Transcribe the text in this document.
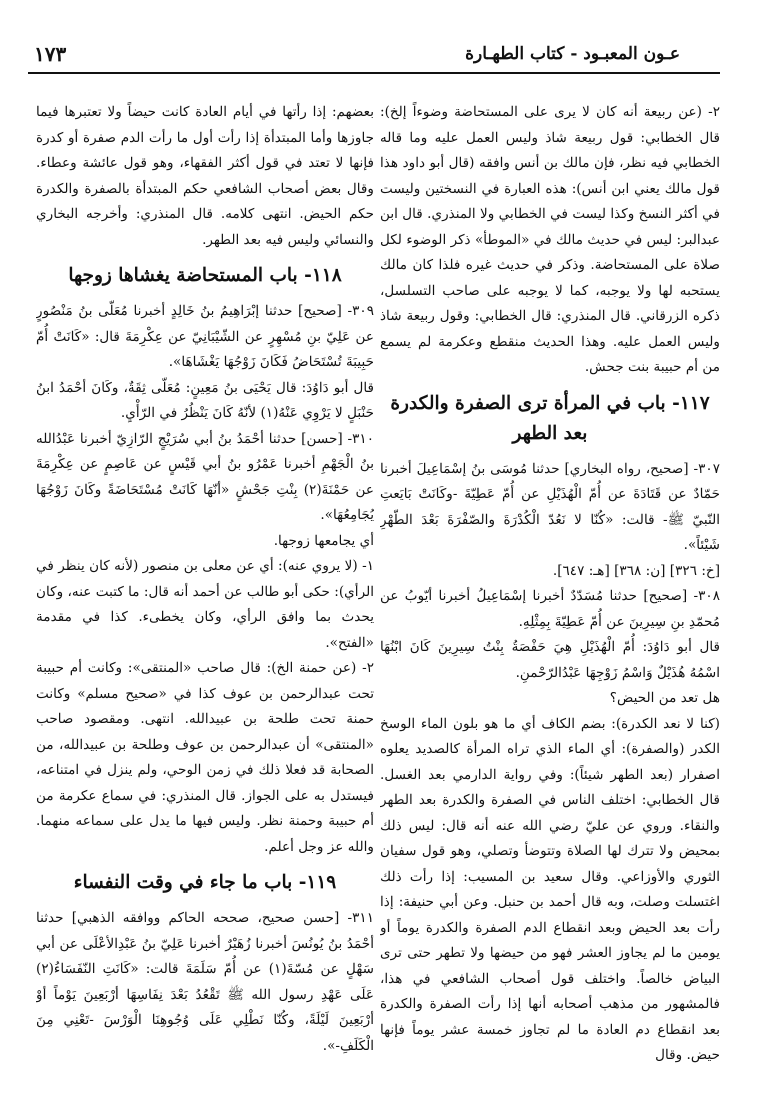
عـون المعبـود - كتاب الطهـارة
١٧٣

٢- (عن ربيعة أنه كان لا يرى على المستحاضة وضوءاً إلخ): قال الخطابي: قول ربيعة شاذ وليس العمل عليه وما قاله الخطابي فيه نظر، فإن مالك بن أنس وافقه (قال أبو داود هذا قول مالك يعني ابن أنس): هذه العبارة في النسختين وليست في أكثر النسخ وكذا ليست في الخطابي ولا المنذري. قال ابن عبدالبر: ليس في حديث مالك في «الموطأ» ذكر الوضوء لكل صلاة على المستحاضة. وذكر في حديث غيره فلذا كان مالك يستحبه لها ولا يوجبه، كما لا يوجبه على صاحب التسلسل، ذكره الزرقاني. قال المنذري: قال الخطابي: وقول ربيعة شاذ وليس العمل عليه. وهذا الحديث منقطع وعكرمة لم يسمع من أم حبيبة بنت جحش.

١١٧- باب في المرأة ترى الصفرة والكدرة بعد الطهر

٣٠٧- [صحيح، رواه البخاري] حدثنا مُوسَى بنُ إسْمَاعِيلَ أخبرنا حَمّادٌ عن قَتَادَةَ عن أُمّ الْهُذَيْلِ عن أُمّ عَطِيّةَ -وكَانَتْ بَايَعتِ النّبيّ ﷺ- قالت: «كُنّا لا نَعُدّ الْكُدْرَةَ والصّفْرَةَ بَعْدَ الطّهْرِ شَيْئاً».

[خ: ٣٢٦] [ن: ٣٦٨] [هـ: ٦٤٧].

٣٠٨- [صحيح] حدثنا مُسَدّدٌ أخبرنا إسْمَاعِيلُ أخبرنا أيّوبُ عن مُحمّدِ بنِ سِيرِينَ عن أُمّ عَطِيّةَ بِمِثْلِهِ.

قال أبو دَاوُدَ: أُمّ الْهُذَيْلِ هِيَ حَفْصَةُ بِنْتُ سِيرِينَ كَانَ ابْنُهَا اسْمُهُ هُذَيْلٌ وَاسْمُ زَوْجِهَا عَبْدُالرّحْمنِ.

هل تعد من الحيض؟

(كنا لا نعد الكدرة): بضم الكاف أي ما هو بلون الماء الوسخ الكدر (والصفرة): أي الماء الذي تراه المرأة كالصديد يعلوه اصفرار (بعد الطهر شيئاً): وفي رواية الدارمي بعد الغسل. قال الخطابي: اختلف الناس في الصفرة والكدرة بعد الطهر والنقاء. وروي عن عليّ رضي الله عنه أنه قال: ليس ذلك بمحيض ولا تترك لها الصلاة وتتوضأ وتصلي، وهو قول سفيان الثوري والأوزاعي. وقال سعيد بن المسيب: إذا رأت ذلك اغتسلت وصلت، وبه قال أحمد بن حنبل. وعن أبي حنيفة: إذا رأت بعد الحيض وبعد انقطاع الدم الصفرة والكدرة يوماً أو يومين ما لم يجاوز العشر فهو من حيضها ولا تطهر حتى ترى البياض خالصاً. واختلف قول أصحاب الشافعي في هذا، فالمشهور من مذهب أصحابه أنها إذا رأت الصفرة والكدرة بعد انقطاع دم العادة ما لم تجاوز خمسة عشر يوماً فإنها حيض. وقال

بعضهم: إذا رأتها في أيام العادة كانت حيضاً ولا تعتبرها فيما جاوزها وأما المبتدأة إذا رأت أول ما رأت الدم صفرة أو كدرة فإنها لا تعتد في قول أكثر الفقهاء، وهو قول عائشة وعطاء. وقال بعض أصحاب الشافعي حكم المبتدأة بالصفرة والكدرة حكم الحيض. انتهى كلامه. قال المنذري: وأخرجه البخاري والنسائي وليس فيه بعد الطهر.

١١٨- باب المستحاضة يغشاها زوجها

٣٠٩- [صحيح] حدثنا إبْرَاهِيمُ بنُ خَالِدٍ أخبرنا مُعَلّى بنُ مَنْصُورٍ عن عَلِيّ بنِ مُسْهِرٍ عن الشّيْبَانِيّ عن عِكْرِمَةَ قال: «كَانَتْ أُمّ حَبِيبَةَ تُسْتَحَاضُ فَكَانَ زَوْجُهَا يَغْشَاهَا».

قال أبو دَاوُدَ: قال يَحْيَى بنُ مَعِينٍ: مُعَلّى ثِقَةٌ، وكَانَ أحْمَدُ ابنُ حَنْبَلٍ لا يَرْوِي عَنْهُ(١) لأنّهُ كَانَ يَنْظُرُ في الرّأْيِ.

٣١٠- [حسن] حدثنا أحْمَدُ بنُ أبي سُرَيْجٍ الرّازِيّ أخبرنا عَبْدُالله بنُ الْجَهْمِ أخبرنا عَمْرُو بنُ أبي قَيْسٍ عن عَاصِمٍ عن عِكْرِمَةَ عن حَمْنَةَ(٢) بِنْتِ جَحْشٍ «أنّهَا كَانَتْ مُسْتَحَاضَةً وكَانَ زَوْجُهَا يُجَامِعُهَا».

أي يجامعها زوجها.

١- (لا يروي عنه): أي عن معلى بن منصور (لأنه كان ينظر في الرأي): حكى أبو طالب عن أحمد أنه قال: ما كتبت عنه، وكان يحدث بما وافق الرأي، وكان يخطىء. كذا في مقدمة «الفتح».

٢- (عن حمنة الخ): قال صاحب «المنتقى»: وكانت أم حبيبة تحت عبدالرحمن بن عوف كذا في «صحيح مسلم» وكانت حمنة تحت طلحة بن عبيدالله. انتهى. ومقصود صاحب «المنتقى» أن عبدالرحمن بن عوف وطلحة بن عبيدالله، من الصحابة قد فعلا ذلك في زمن الوحي، ولم ينزل في امتناعه، فيستدل به على الجواز. قال المنذري: في سماع عكرمة من أم حبيبة وحمنة نظر. وليس فيها ما يدل على سماعه منهما. والله عز وجل أعلم.

١١٩- باب ما جاء في وقت النفساء

٣١١- [حسن صحيح، صححه الحاكم ووافقه الذهبي] حدثنا أحْمَدُ بنُ يُونُسَ أخبرنا زُهَيْرٌ أخبرنا عَلِيّ بنُ عَبْدِالأعْلَى عن أبي سَهْلٍ عن مُسّةَ(١) عن أُمّ سَلَمَةَ قالت: «كَانَتِ النّفَسَاءُ(٢) عَلَى عَهْدِ رسول الله ﷺ تَقْعُدُ بَعْدَ نِفَاسِهَا أرْبَعِينَ يَوْماً أوْ أرْبَعِينَ لَيْلَةً، وكُنّا نَطْلِي عَلَى وُجُوهِنَا الْوَرْسَ -تَعْنِي مِنَ الْكَلَفِ-».
